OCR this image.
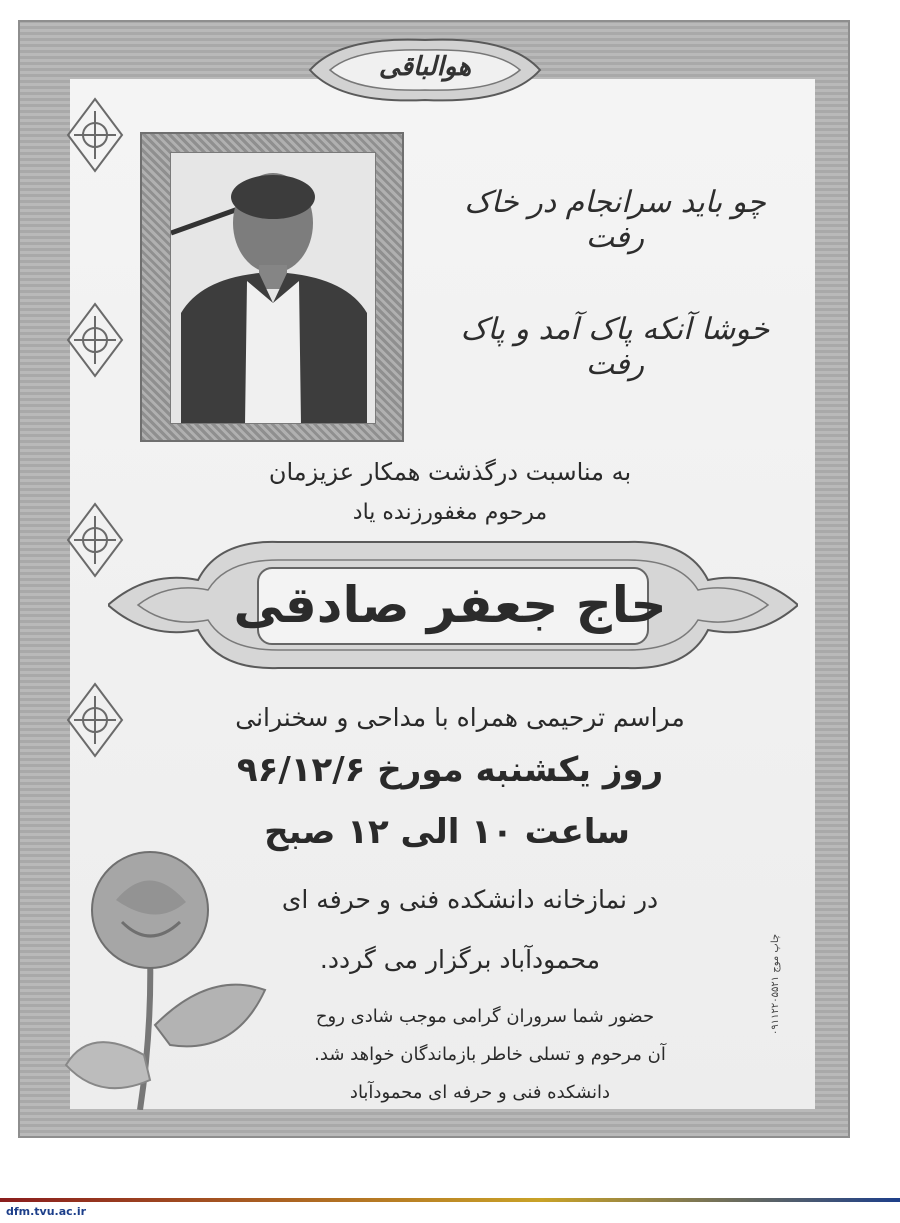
هوالباقی
چو باید سرانجام در خاک رفت
خوشا آنکه پاک آمد و پاک رفت
به مناسبت درگذشت همکار عزیزمان
مرحوم مغفورزنده یاد
حاج جعفر صادقی
مراسم ترحیمی همراه با مداحی و سخنرانی
روز یکشنبه مورخ ۹۶/۱۲/۶
ساعت ۱۰ الی ۱۲ صبح
در نمازخانه دانشکده فنی و حرفه ای
محمودآباد برگزار می گردد.
حضور شما سروران گرامی موجب شادی روح
آن مرحوم و تسلی خاطر بازماندگان خواهد شد.
دانشکده فنی و حرفه ای محمودآباد
چاپ موج ۰۹۱۱۲۲۰۵۵۲۱
dfm.tvu.ac.ir
